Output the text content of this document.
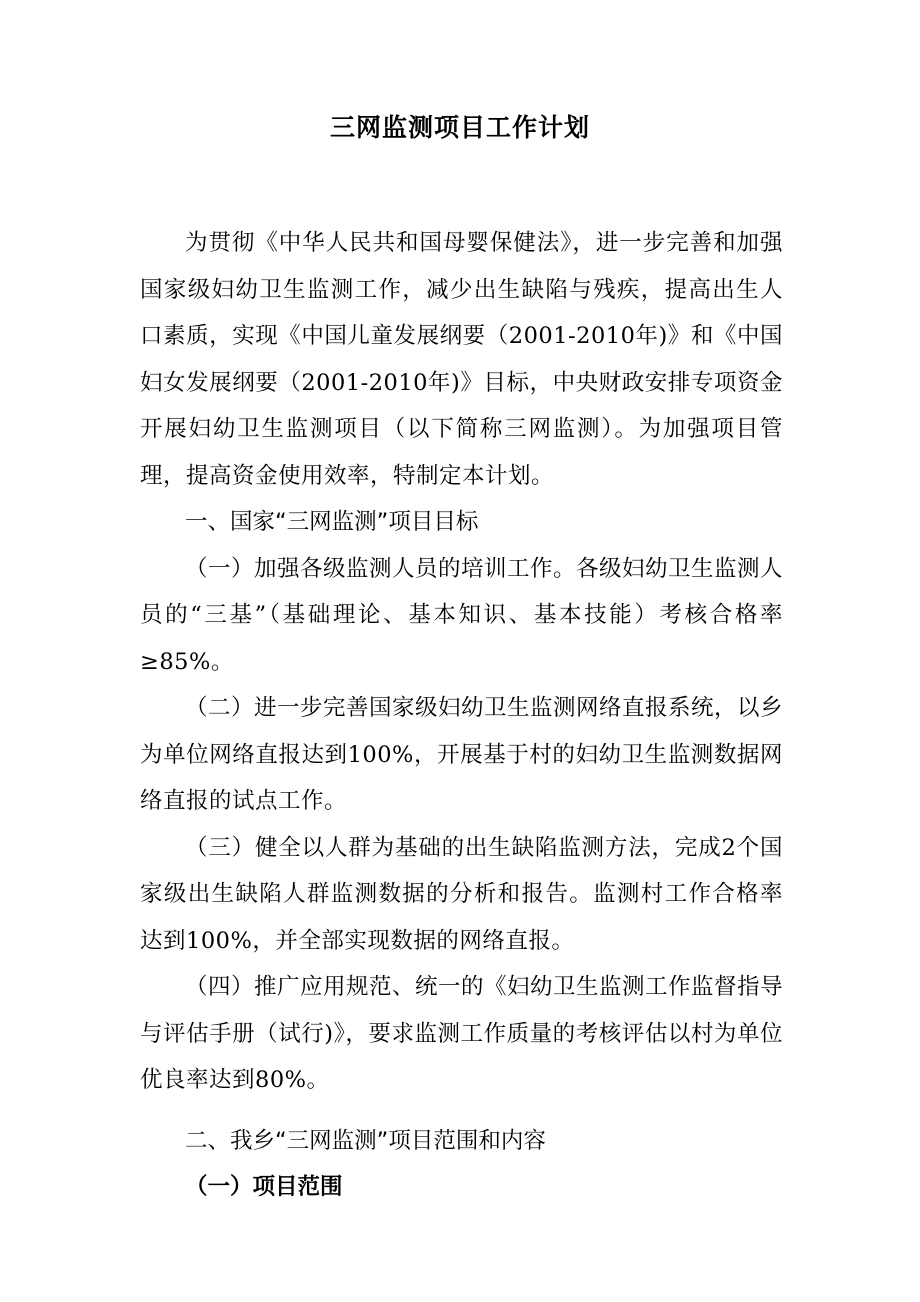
三网监测项目工作计划

为贯彻《中华人民共和国母婴保健法》，进一步完善和加强国家级妇幼卫生监测工作，减少出生缺陷与残疾，提高出生人口素质，实现《中国儿童发展纲要（2001-2010年)》和《中国妇女发展纲要（2001-2010年)》目标，中央财政安排专项资金开展妇幼卫生监测项目（以下简称三网监测）。为加强项目管理，提高资金使用效率，特制定本计划。

一、国家“三网监测”项目目标

（一）加强各级监测人员的培训工作。各级妇幼卫生监测人员的“三基”（基础理论、基本知识、基本技能）考核合格率≥85%。

（二）进一步完善国家级妇幼卫生监测网络直报系统，以乡为单位网络直报达到100%，开展基于村的妇幼卫生监测数据网络直报的试点工作。

（三）健全以人群为基础的出生缺陷监测方法，完成2个国家级出生缺陷人群监测数据的分析和报告。监测村工作合格率达到100%，并全部实现数据的网络直报。

（四）推广应用规范、统一的《妇幼卫生监测工作监督指导与评估手册（试行)》，要求监测工作质量的考核评估以村为单位优良率达到80%。

二、我乡“三网监测”项目范围和内容

（一）项目范围
